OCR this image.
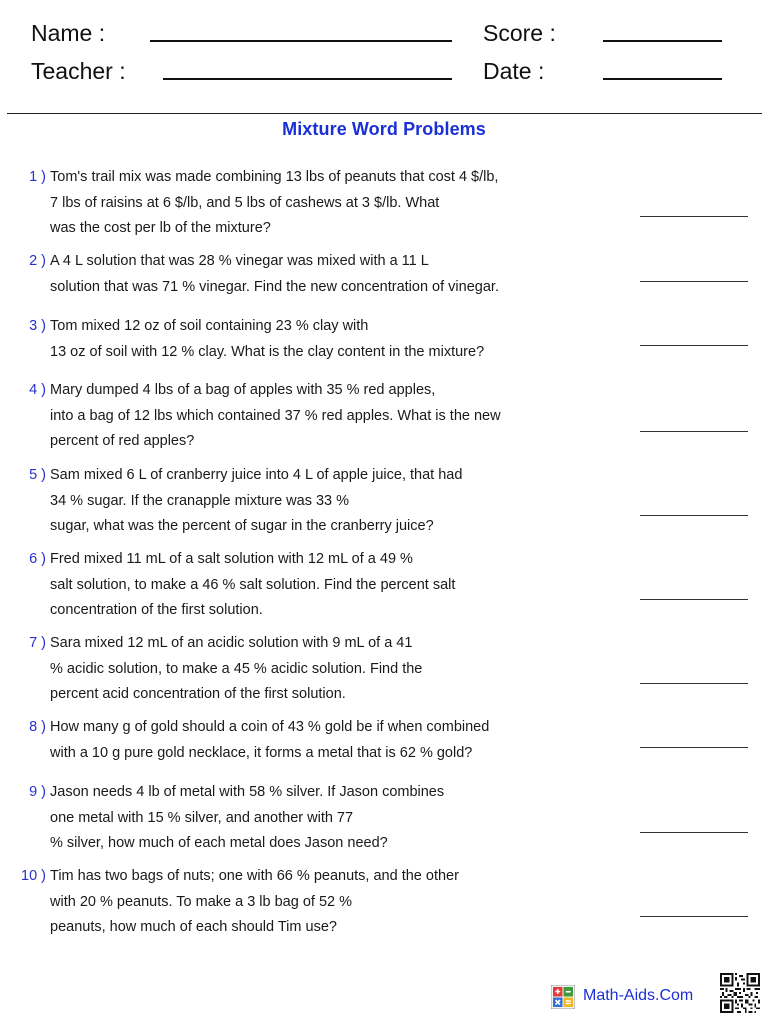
Name :
Teacher :
Score :
Date :
Mixture Word Problems
1 ) Tom's trail mix was made combining 13 lbs of peanuts that cost 4 $/lb,
7 lbs of raisins at 6 $/lb, and 5 lbs of cashews at 3 $/lb. What
was the cost per lb of the mixture?
2 ) A 4 L solution that was 28 % vinegar was mixed with a 11 L
solution that was 71 % vinegar. Find the new concentration of vinegar.
3 ) Tom mixed 12 oz of soil containing 23 % clay with
13 oz of soil with 12 % clay. What is the clay content in the mixture?
4 ) Mary dumped 4 lbs of a bag of apples with 35 % red apples,
into a bag of 12 lbs which contained 37 % red apples. What is the new
percent of red apples?
5 ) Sam mixed 6 L of cranberry juice into 4 L of apple juice, that had
34 % sugar. If the cranapple mixture was 33 %
sugar, what was the percent of sugar in the cranberry juice?
6 ) Fred mixed 11 mL of a salt solution with 12 mL of a 49 %
salt solution, to make a 46 % salt solution. Find the percent salt
concentration of the first solution.
7 ) Sara mixed 12 mL of an acidic solution with 9 mL of a 41
% acidic solution, to make a 45 % acidic solution. Find the
percent acid concentration of the first solution.
8 ) How many g of gold should a coin of 43 % gold be if when combined
with a 10 g pure gold necklace, it forms a metal that is 62 % gold?
9 ) Jason needs 4 lb of metal with 58 % silver. If Jason combines
one metal with 15 % silver, and another with 77
% silver, how much of each metal does Jason need?
10 ) Tim has two bags of nuts; one with 66 % peanuts, and the other
with 20 % peanuts. To make a 3 lb bag of 52 %
peanuts, how much of each should Tim use?
Math-Aids.Com
